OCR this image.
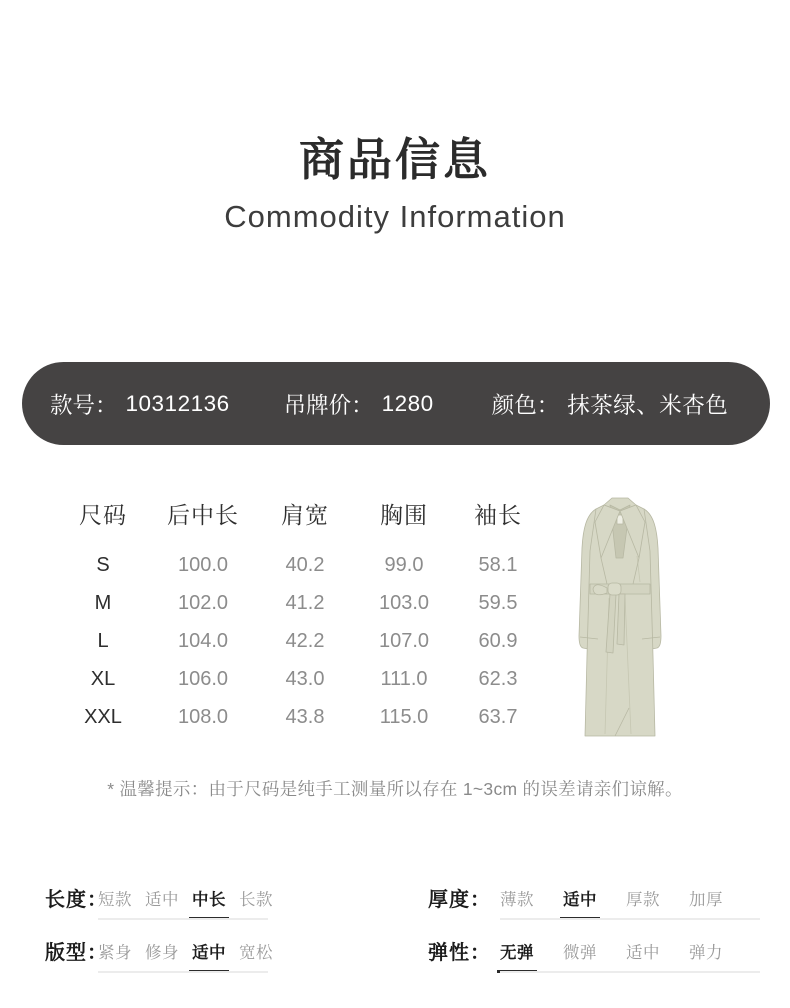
商品信息
Commodity Information
款号： 10312136 吊牌价： 1280	颜色： 抹茶绿、米杏色
尺码	后中长	肩宽	胸围	袖长
S	100.0	40.2	99.0	58.1
M	102.0	41.2	103.0	59.5
L	104.0	42.2	107.0	60.9
XL	106.0	43.0	111.0	62.3
XXL	108.0	43.8	115.0	63.7
* 温馨提示：由于尺码是纯手工测量所以存在 1~3cm 的误差请亲们谅解。
长度：
短款 适中 中长 长款	厚度： 薄款 适中 厚款 加厚
版型：
紧身 修身 适中 宽松	弹性： 无弹 微弹 适中 弹力
